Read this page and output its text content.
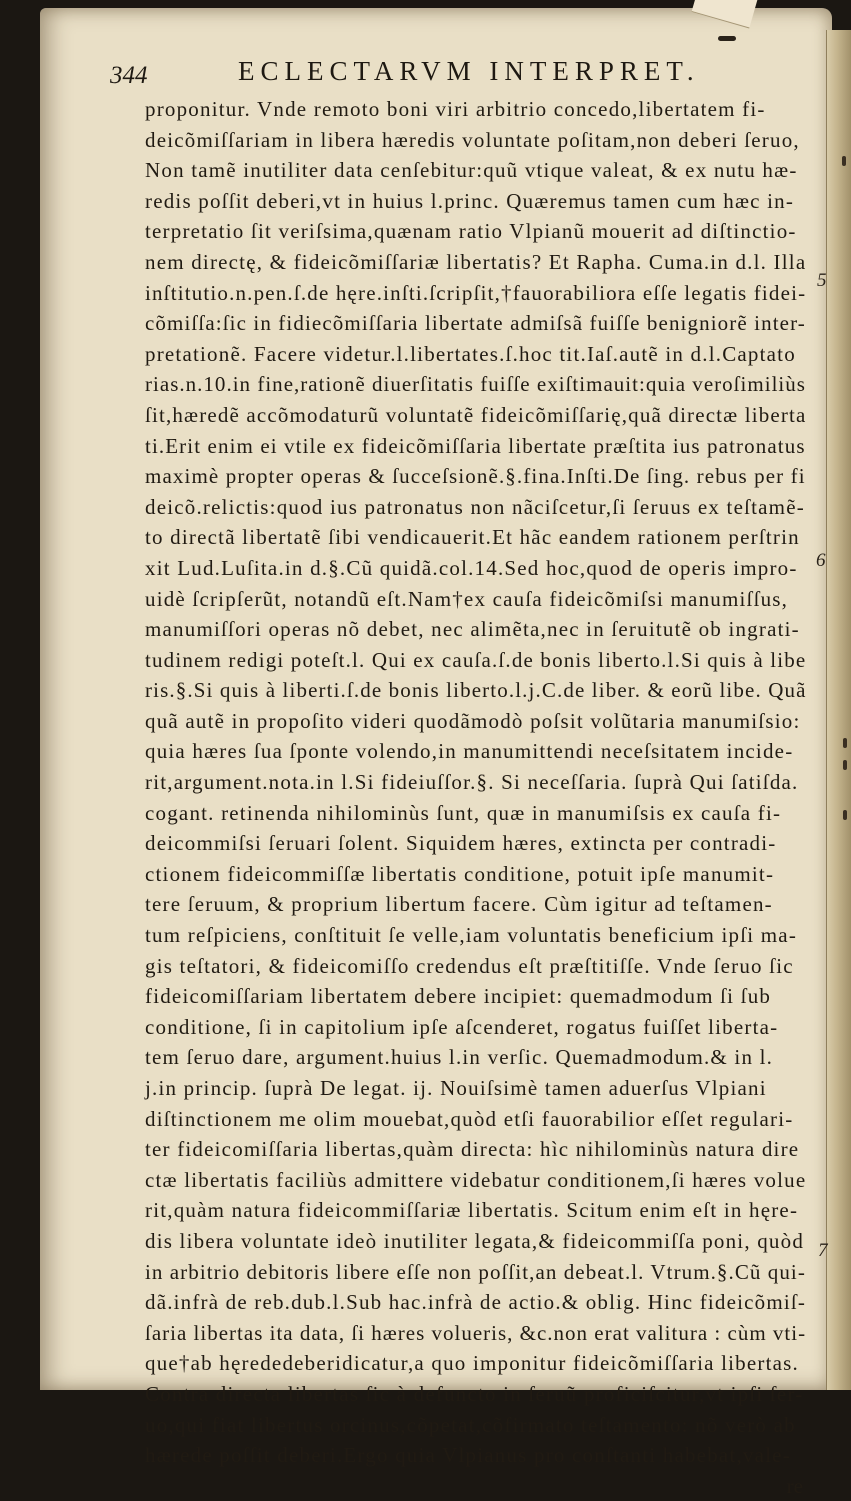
344	ECLECTARVM INTERPRET.
proponitur. Vnde remoto boni viri arbitrio concedo,libertatem fi-
deicõmiſſariam in libera hæredis voluntate poſitam,non deberi ſeruo,
Non tamẽ inutiliter data cenſebitur:quũ vtique valeat, & ex nutu hæ-
redis poſſit deberi,vt in huius l.princ. Quæremus tamen cum hæc in-
terpretatio ſit veriſsima,quænam ratio Vlpianũ mouerit ad diſtinctio-
nem directę, & fideicõmiſſariæ libertatis? Et Rapha. Cuma.in d.l. Illa
inſtitutio.n.pen.ſ.de hęre.inſti.ſcripſit,†fauorabiliora eſſe legatis fidei-
cõmiſſa:ſic in fidiecõmiſſaria libertate admiſsã fuiſſe benigniorẽ inter-
pretationẽ. Facere videtur.l.libertates.ſ.hoc tit.Iaſ.autẽ in d.l.Captato
rias.n.10.in fine,rationẽ diuerſitatis fuiſſe exiſtimauit:quia veroſimiliùs
ſit,hæredẽ accõmodaturũ voluntatẽ fideicõmiſſarię,quã directæ liberta
ti.Erit enim ei vtile ex fideicõmiſſaria libertate præſtita ius patronatus
maximè propter operas & ſucceſsionẽ.§.fina.Inſti.De ſing. rebus per fi
deicõ.relictis:quod ius patronatus non nãciſcetur,ſi ſeruus ex teſtamẽ-
to directã libertatẽ ſibi vendicauerit.Et hãc eandem rationem perſtrin
xit Lud.Luſita.in d.§.Cũ quidã.col.14.Sed hoc,quod de operis impro-
uidè ſcripſerũt, notandũ eſt.Nam†ex cauſa fideicõmiſsi manumiſſus,
manumiſſori operas nõ debet, nec alimẽta,nec in ſeruitutẽ ob ingrati-
tudinem redigi poteſt.l. Qui ex cauſa.ſ.de bonis liberto.l.Si quis à libe
ris.§.Si quis à liberti.ſ.de bonis liberto.l.j.C.de liber. & eorũ libe. Quã
quã autẽ in propoſito videri quodãmodò poſsit volũtaria manumiſsio:
quia hæres ſua ſponte volendo,in manumittendi neceſsitatem incide-
rit,argument.nota.in l.Si fideiuſſor.§. Si neceſſaria. ſuprà Qui ſatiſda.
cogant. retinenda nihilominùs ſunt, quæ in manumiſsis ex cauſa fi-
deicommiſsi ſeruari ſolent. Siquidem hæres, extincta per contradi-
ctionem fideicommiſſæ libertatis conditione, potuit ipſe manumit-
tere ſeruum, & proprium libertum facere. Cùm igitur ad teſtamen-
tum reſpiciens, conſtituit ſe velle,iam voluntatis beneficium ipſi ma-
gis teſtatori, & fideicomiſſo credendus eſt præſtitiſſe. Vnde ſeruo ſic
fideicomiſſariam libertatem debere incipiet: quemadmodum ſi ſub
conditione, ſi in capitolium ipſe aſcenderet, rogatus fuiſſet liberta-
tem ſeruo dare, argument.huius l.in verſic. Quemadmodum.& in l.
j.in princip. ſuprà De legat. ij. Nouiſsimè tamen aduerſus Vlpiani
diſtinctionem me olim mouebat,quòd etſi fauorabilior eſſet regulari-
ter fideicomiſſaria libertas,quàm directa: hìc nihilominùs natura dire
ctæ libertatis faciliùs admittere videbatur conditionem,ſi hæres volue
rit,quàm natura fideicommiſſariæ libertatis. Scitum enim eſt in hęre-
dis libera voluntate ideò inutiliter legata,& fideicommiſſa poni, quòd
in arbitrio debitoris libere eſſe non poſſit,an debeat.l. Vtrum.§.Cũ qui-
dã.infrà de reb.dub.l.Sub hac.infrà de actio.& oblig. Hinc fideicõmiſ-
ſaria libertas ita data, ſi hæres volueris, &c.non erat valitura : cùm vti-
que†ab hęrededeberidicatur,a quo imponitur fideicõmiſſaria libertas.
Contra directa libertas ſic à defuncto in ſeruũ proficiſcitur,vt ipſi ſer-
uo,qui fiat libertus orcinus,cõpetat,cõfirmato teſtamento: nõ verò ab
hærede poſſit deberi.Ergo quia Vlpianus pro conſtanti habebat,vale-
re
5
6
7
